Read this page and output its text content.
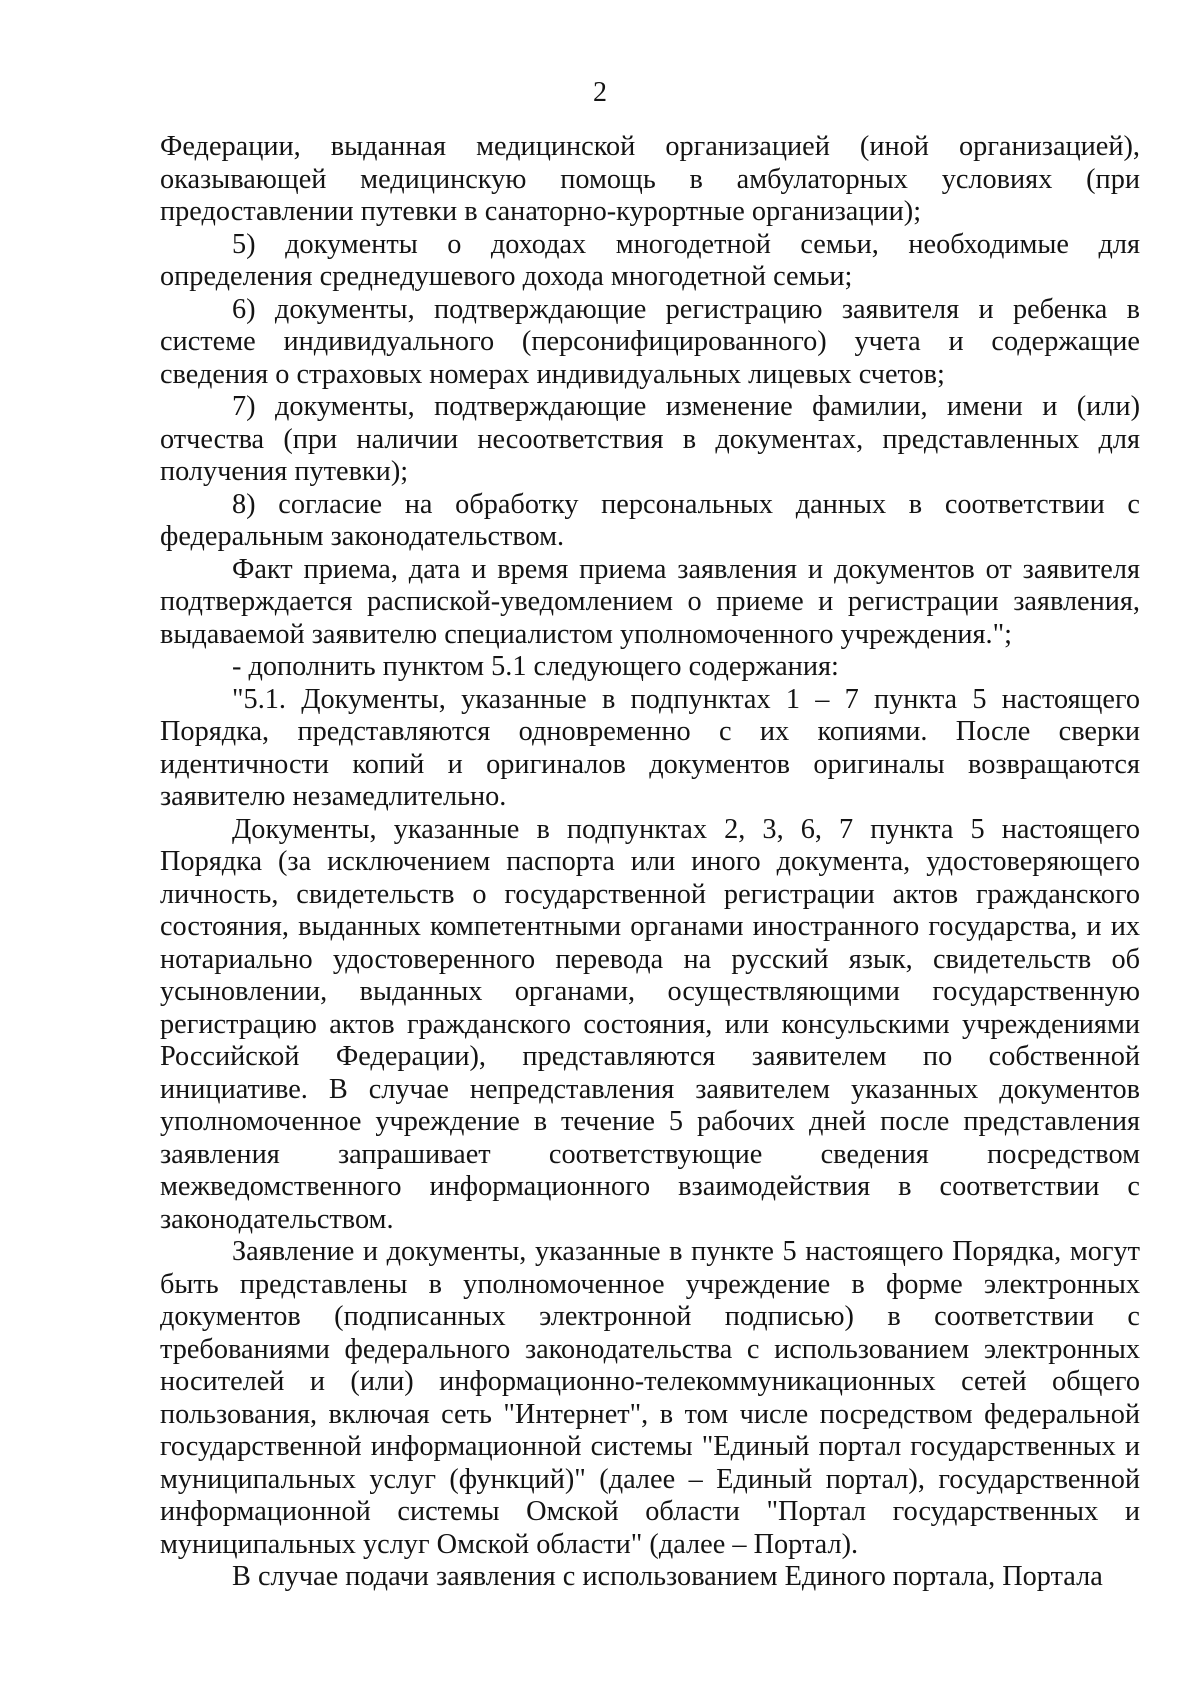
2

Федерации, выданная медицинской организацией (иной организацией), оказывающей медицинскую помощь в амбулаторных условиях (при предоставлении путевки в санаторно-курортные организации);

5) документы о доходах многодетной семьи, необходимые для определения среднедушевого дохода многодетной семьи;

6) документы, подтверждающие регистрацию заявителя и ребенка в системе индивидуального (персонифицированного) учета и содержащие сведения о страховых номерах индивидуальных лицевых счетов;

7) документы, подтверждающие изменение фамилии, имени и (или) отчества (при наличии несоответствия в документах, представленных для получения путевки);

8) согласие на обработку персональных данных в соответствии с федеральным законодательством.

Факт приема, дата и время приема заявления и документов от заявителя подтверждается распиской-уведомлением о приеме и регистрации заявления, выдаваемой заявителю специалистом уполномоченного учреждения.";

- дополнить пунктом 5.1 следующего содержания:

"5.1. Документы, указанные в подпунктах 1 – 7 пункта 5 настоящего Порядка, представляются одновременно с их копиями. После сверки идентичности копий и оригиналов документов оригиналы возвращаются заявителю незамедлительно.

Документы, указанные в подпунктах 2, 3, 6, 7 пункта 5 настоящего Порядка (за исключением паспорта или иного документа, удостоверяющего личность, свидетельств о государственной регистрации актов гражданского состояния, выданных компетентными органами иностранного государства, и их нотариально удостоверенного перевода на русский язык, свидетельств об усыновлении, выданных органами, осуществляющими государственную регистрацию актов гражданского состояния, или консульскими учреждениями Российской Федерации), представляются заявителем по собственной инициативе. В случае непредставления заявителем указанных документов уполномоченное учреждение в течение 5 рабочих дней после представления заявления запрашивает соответствующие сведения посредством межведомственного информационного взаимодействия в соответствии с законодательством.

Заявление и документы, указанные в пункте 5 настоящего Порядка, могут быть представлены в уполномоченное учреждение в форме электронных документов (подписанных электронной подписью) в соответствии с требованиями федерального законодательства с использованием электронных носителей и (или) информационно-телекоммуникационных сетей общего пользования, включая сеть "Интернет", в том числе посредством федеральной государственной информационной системы "Единый портал государственных и муниципальных услуг (функций)" (далее – Единый портал), государственной информационной системы Омской области "Портал государственных и муниципальных услуг Омской области" (далее – Портал).

В случае подачи заявления с использованием Единого портала, Портала
